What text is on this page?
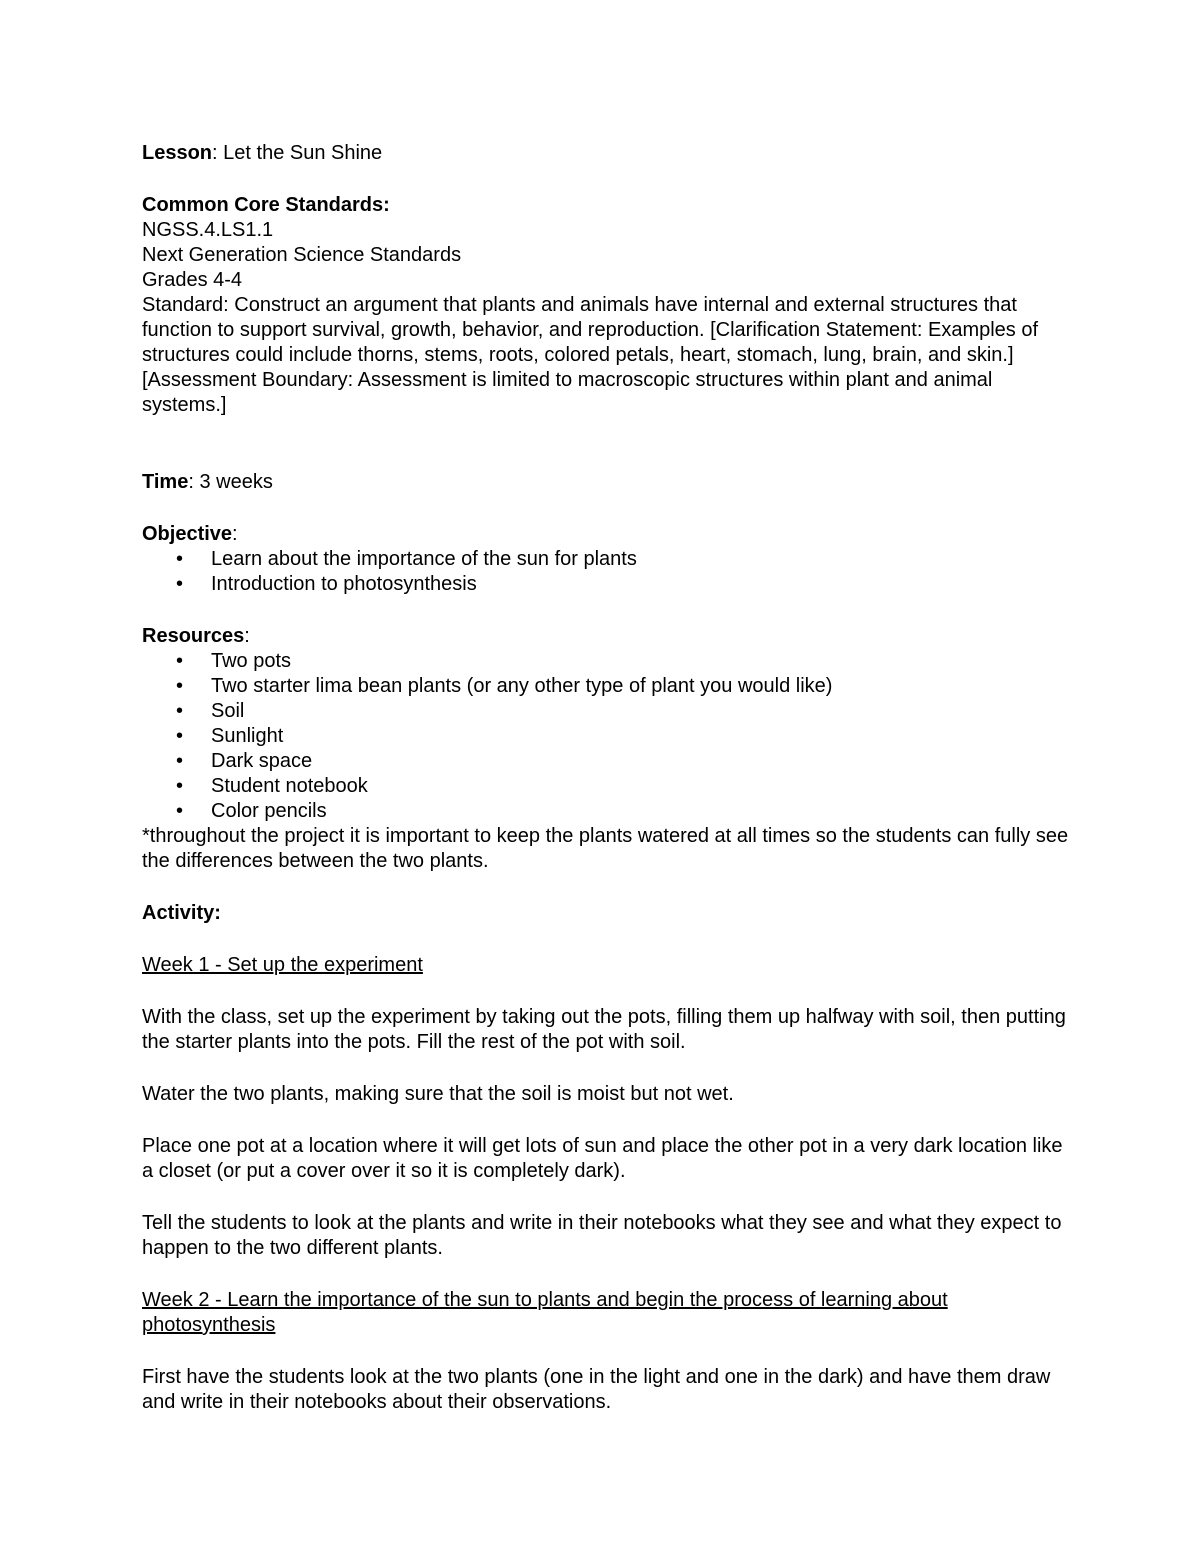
Lesson: Let the Sun Shine

Common Core Standards:

NGSS.4.LS1.1

Next Generation Science Standards

Grades 4-4

Standard: Construct an argument that plants and animals have internal and external structures that function to support survival, growth, behavior, and reproduction. [Clarification Statement: Examples of structures could include thorns, stems, roots, colored petals, heart, stomach, lung, brain, and skin.] [Assessment Boundary: Assessment is limited to macroscopic structures within plant and animal systems.]

Time: 3 weeks

Objective:

• Learn about the importance of the sun for plants
• Introduction to photosynthesis

Resources:

• Two pots
• Two starter lima bean plants (or any other type of plant you would like)
• Soil
• Sunlight
• Dark space
• Student notebook
• Color pencils

*throughout the project it is important to keep the plants watered at all times so the students can fully see the differences between the two plants.

Activity:

Week 1 - Set up the experiment

With the class, set up the experiment by taking out the pots, filling them up halfway with soil, then putting the starter plants into the pots. Fill the rest of the pot with soil.

Water the two plants, making sure that the soil is moist but not wet.

Place one pot at a location where it will get lots of sun and place the other pot in a very dark location like a closet (or put a cover over it so it is completely dark).

Tell the students to look at the plants and write in their notebooks what they see and what they expect to happen to the two different plants.

Week 2 - Learn the importance of the sun to plants and begin the process of learning about photosynthesis

First have the students look at the two plants (one in the light and one in the dark) and have them draw and write in their notebooks about their observations.
